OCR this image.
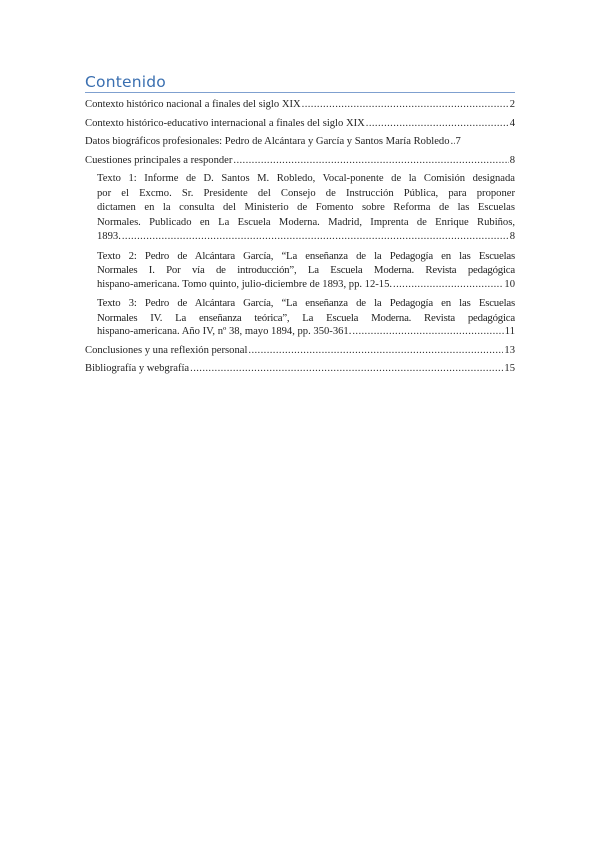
Contenido
Contexto histórico nacional a finales del siglo XIX .....	2
Contexto histórico-educativo internacional a finales del siglo XIX .....	4
Datos biográficos profesionales: Pedro de Alcántara y García y Santos María Robledo ..... 7
Cuestiones principales a responder .....	8
Texto 1: Informe de D. Santos M. Robledo, Vocal-ponente de la Comisión designada
por el Excmo. Sr. Presidente del Consejo de Instrucción Pública, para proponer
dictamen en la consulta del Ministerio de Fomento sobre Reforma de las Escuelas
Normales. Publicado en La Escuela Moderna. Madrid, Imprenta de Enrique Rubiños,
1893. .....	8
Texto 2: Pedro de Alcántara García, “La enseñanza de la Pedagogía en las Escuelas
Normales I. Por vía de introducción”, La Escuela Moderna. Revista pedagógica
hispano-americana. Tomo quinto, julio-diciembre de 1893, pp. 12-15. .....	10
Texto 3: Pedro de Alcántara García, “La enseñanza de la Pedagogía en las Escuelas
Normales IV. La enseñanza teórica”, La Escuela Moderna. Revista pedagógica
hispano-americana. Año IV, nº 38, mayo 1894, pp. 350-361. .....	11
Conclusiones y una reflexión personal .....	13
Bibliografía y webgrafía .....	15
